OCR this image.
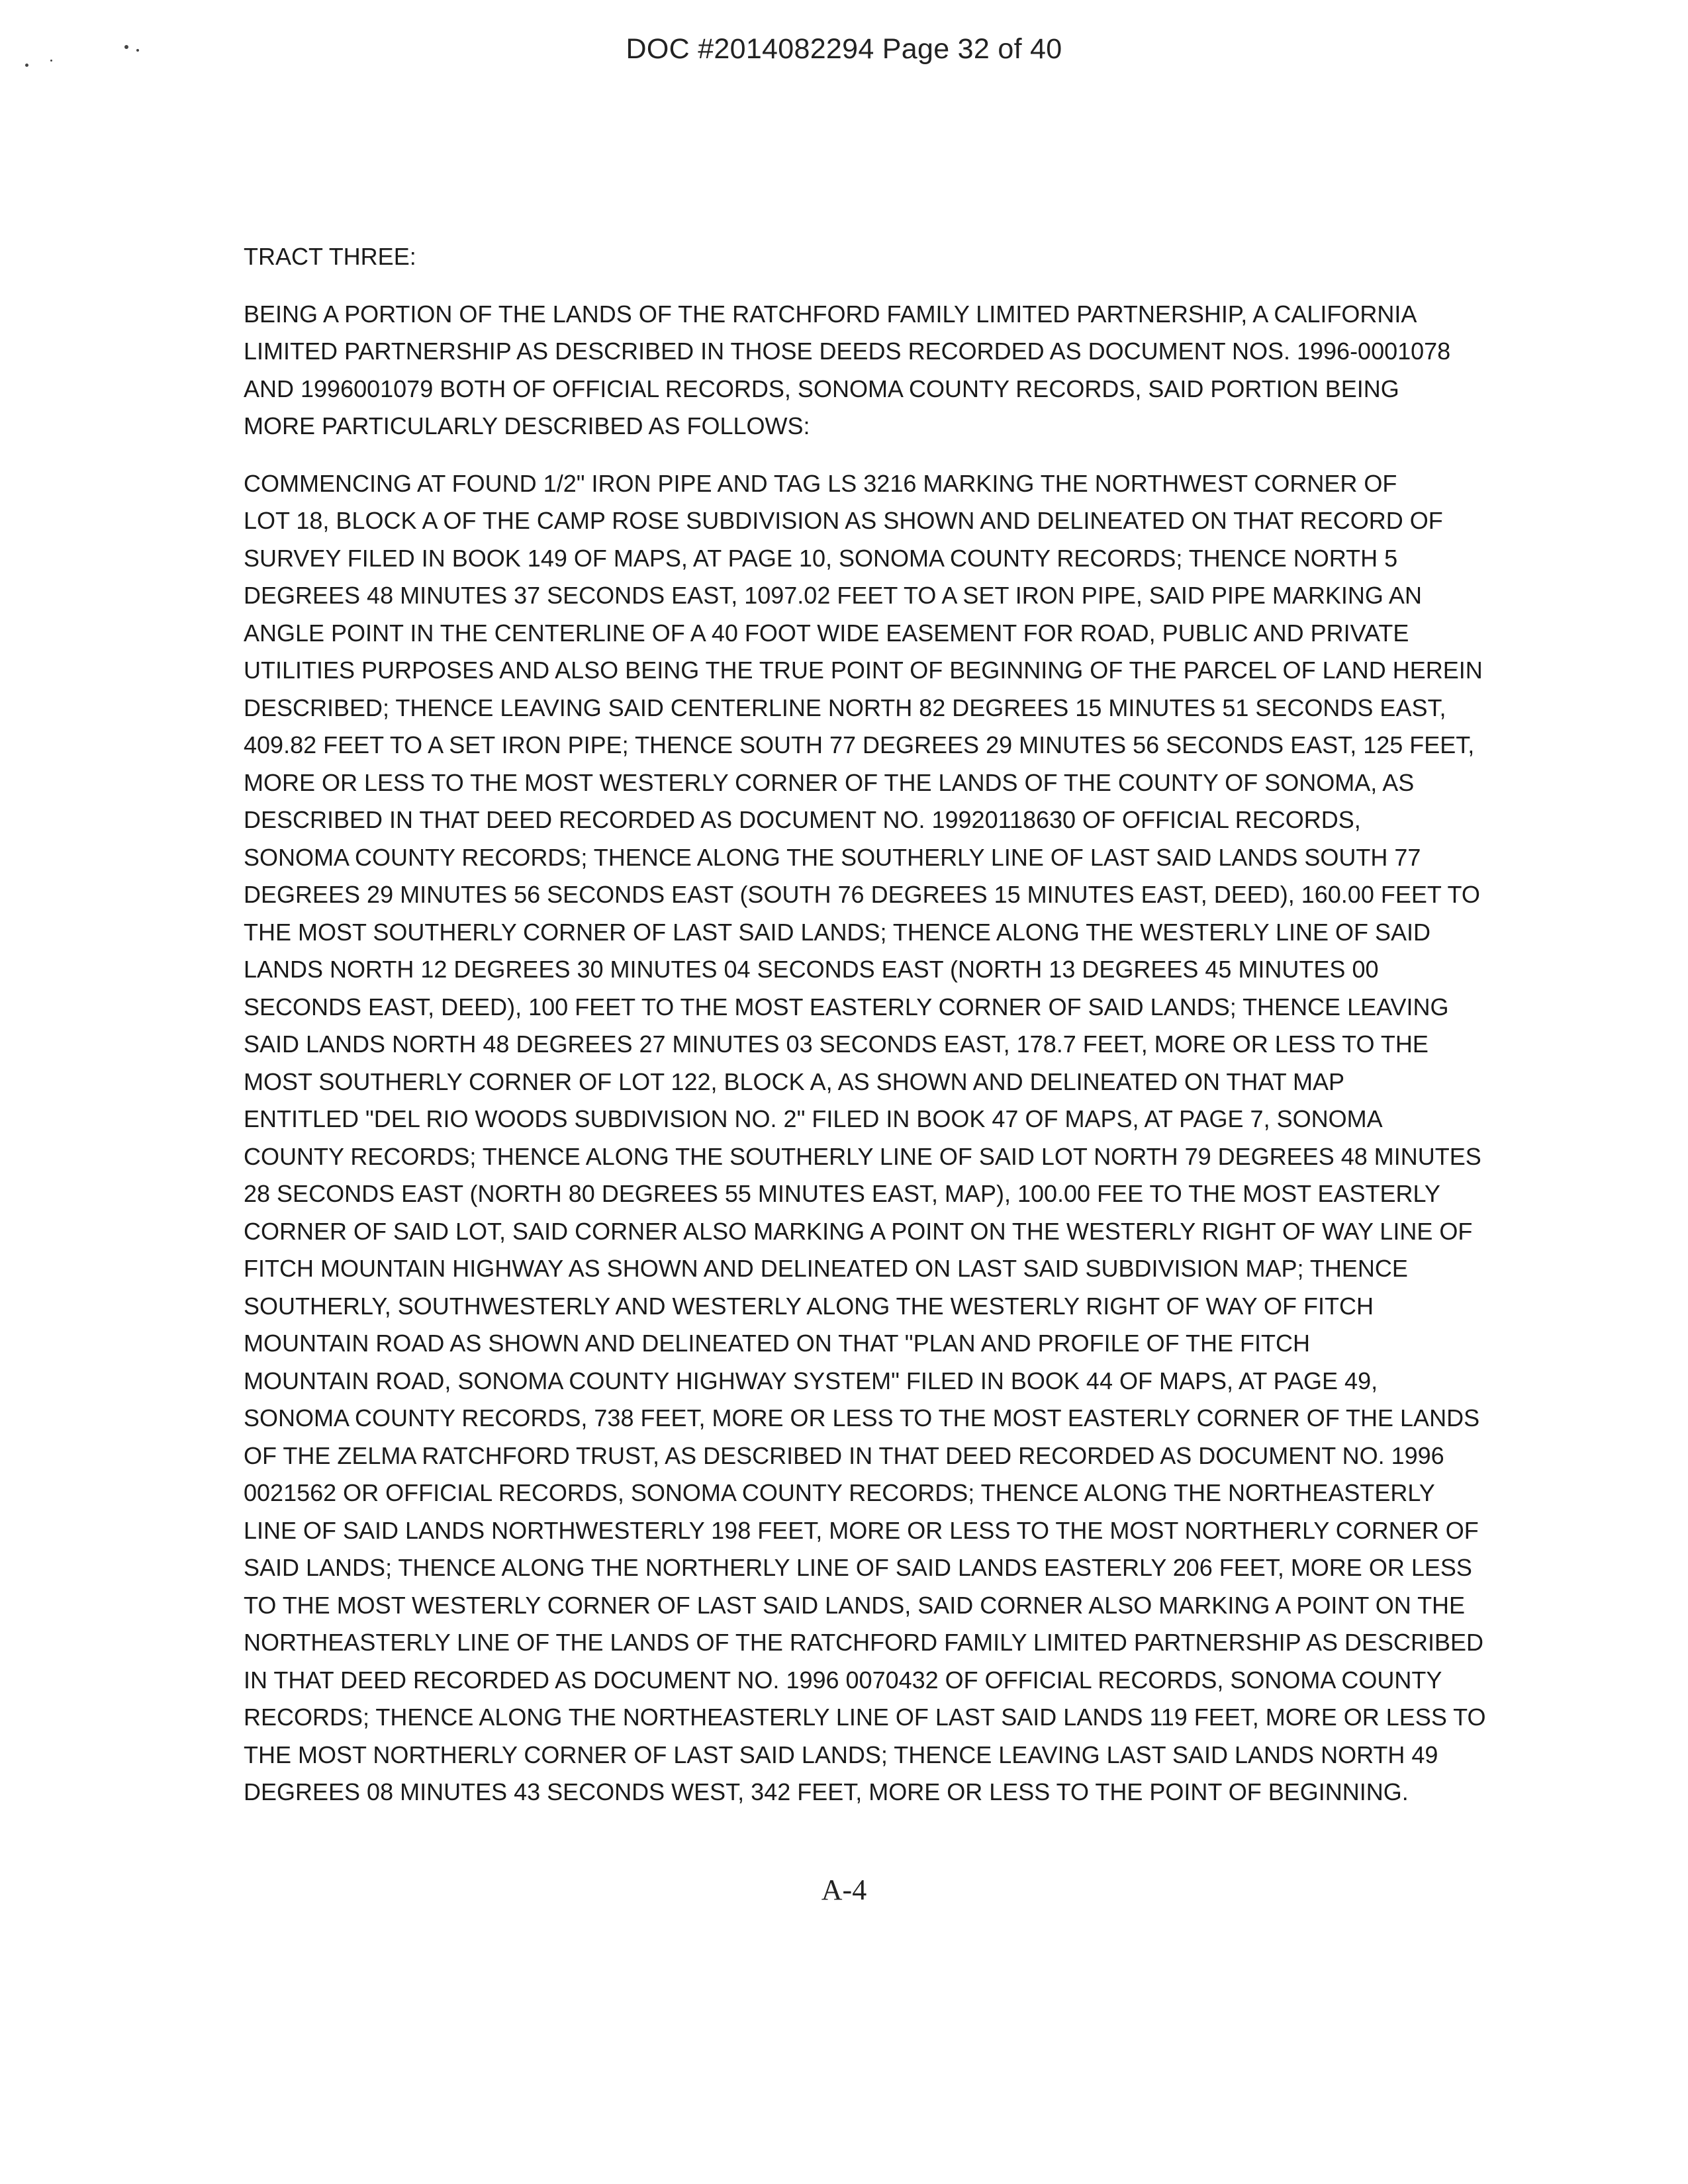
DOC #2014082294 Page 32 of 40
TRACT THREE:
BEING A PORTION OF THE LANDS OF THE RATCHFORD FAMILY LIMITED PARTNERSHIP, A CALIFORNIA
LIMITED PARTNERSHIP AS DESCRIBED IN THOSE DEEDS RECORDED AS DOCUMENT NOS. 1996-0001078
AND 1996001079 BOTH OF OFFICIAL RECORDS, SONOMA COUNTY RECORDS, SAID PORTION BEING
MORE PARTICULARLY DESCRIBED AS FOLLOWS:
COMMENCING AT FOUND 1/2" IRON PIPE AND TAG LS 3216 MARKING THE NORTHWEST CORNER OF
LOT 18, BLOCK A OF THE CAMP ROSE SUBDIVISION AS SHOWN AND DELINEATED ON THAT RECORD OF
SURVEY FILED IN BOOK 149 OF MAPS, AT PAGE 10, SONOMA COUNTY RECORDS; THENCE NORTH 5
DEGREES 48 MINUTES 37 SECONDS EAST, 1097.02 FEET TO A SET IRON PIPE, SAID PIPE MARKING AN
ANGLE POINT IN THE CENTERLINE OF A 40 FOOT WIDE EASEMENT FOR ROAD, PUBLIC AND PRIVATE
UTILITIES PURPOSES AND ALSO BEING THE TRUE POINT OF BEGINNING OF THE PARCEL OF LAND HEREIN
DESCRIBED; THENCE LEAVING SAID CENTERLINE NORTH 82 DEGREES 15 MINUTES 51 SECONDS EAST,
409.82 FEET TO A SET IRON PIPE; THENCE SOUTH 77 DEGREES 29 MINUTES 56 SECONDS EAST, 125 FEET,
MORE OR LESS TO THE MOST WESTERLY CORNER OF THE LANDS OF THE COUNTY OF SONOMA, AS
DESCRIBED IN THAT DEED RECORDED AS DOCUMENT NO. 19920118630 OF OFFICIAL RECORDS,
SONOMA COUNTY RECORDS; THENCE ALONG THE SOUTHERLY LINE OF LAST SAID LANDS SOUTH 77
DEGREES 29 MINUTES 56 SECONDS EAST (SOUTH 76 DEGREES 15 MINUTES EAST, DEED), 160.00 FEET TO
THE MOST SOUTHERLY CORNER OF LAST SAID LANDS; THENCE ALONG THE WESTERLY LINE OF SAID
LANDS NORTH 12 DEGREES 30 MINUTES 04 SECONDS EAST (NORTH 13 DEGREES 45 MINUTES 00
SECONDS EAST, DEED), 100 FEET TO THE MOST EASTERLY CORNER OF SAID LANDS; THENCE LEAVING
SAID LANDS NORTH 48 DEGREES 27 MINUTES 03 SECONDS EAST, 178.7 FEET, MORE OR LESS TO THE
MOST SOUTHERLY CORNER OF LOT 122, BLOCK A, AS SHOWN AND DELINEATED ON THAT MAP
ENTITLED "DEL RIO WOODS SUBDIVISION NO. 2" FILED IN BOOK 47 OF MAPS, AT PAGE 7, SONOMA
COUNTY RECORDS; THENCE ALONG THE SOUTHERLY LINE OF SAID LOT NORTH 79 DEGREES 48 MINUTES
28 SECONDS EAST (NORTH 80 DEGREES 55 MINUTES EAST, MAP), 100.00 FEE TO THE MOST EASTERLY
CORNER OF SAID LOT, SAID CORNER ALSO MARKING A POINT ON THE WESTERLY RIGHT OF WAY LINE OF
FITCH MOUNTAIN HIGHWAY AS SHOWN AND DELINEATED ON LAST SAID SUBDIVISION MAP; THENCE
SOUTHERLY, SOUTHWESTERLY AND WESTERLY ALONG THE WESTERLY RIGHT OF WAY OF FITCH
MOUNTAIN ROAD AS SHOWN AND DELINEATED ON THAT "PLAN AND PROFILE OF THE FITCH
MOUNTAIN ROAD, SONOMA COUNTY HIGHWAY SYSTEM" FILED IN BOOK 44 OF MAPS, AT PAGE 49,
SONOMA COUNTY RECORDS, 738 FEET, MORE OR LESS TO THE MOST EASTERLY CORNER OF THE LANDS
OF THE ZELMA RATCHFORD TRUST, AS DESCRIBED IN THAT DEED RECORDED AS DOCUMENT NO. 1996
0021562 OR OFFICIAL RECORDS, SONOMA COUNTY RECORDS; THENCE ALONG THE NORTHEASTERLY
LINE OF SAID LANDS NORTHWESTERLY 198 FEET, MORE OR LESS TO THE MOST NORTHERLY CORNER OF
SAID LANDS; THENCE ALONG THE NORTHERLY LINE OF SAID LANDS EASTERLY 206 FEET, MORE OR LESS
TO THE MOST WESTERLY CORNER OF LAST SAID LANDS, SAID CORNER ALSO MARKING A POINT ON THE
NORTHEASTERLY LINE OF THE LANDS OF THE RATCHFORD FAMILY LIMITED PARTNERSHIP AS DESCRIBED
IN THAT DEED RECORDED AS DOCUMENT NO. 1996 0070432 OF OFFICIAL RECORDS, SONOMA COUNTY
RECORDS; THENCE ALONG THE NORTHEASTERLY LINE OF LAST SAID LANDS 119 FEET, MORE OR LESS TO
THE MOST NORTHERLY CORNER OF LAST SAID LANDS; THENCE LEAVING LAST SAID LANDS NORTH 49
DEGREES 08 MINUTES 43 SECONDS WEST, 342 FEET, MORE OR LESS TO THE POINT OF BEGINNING.
A-4
